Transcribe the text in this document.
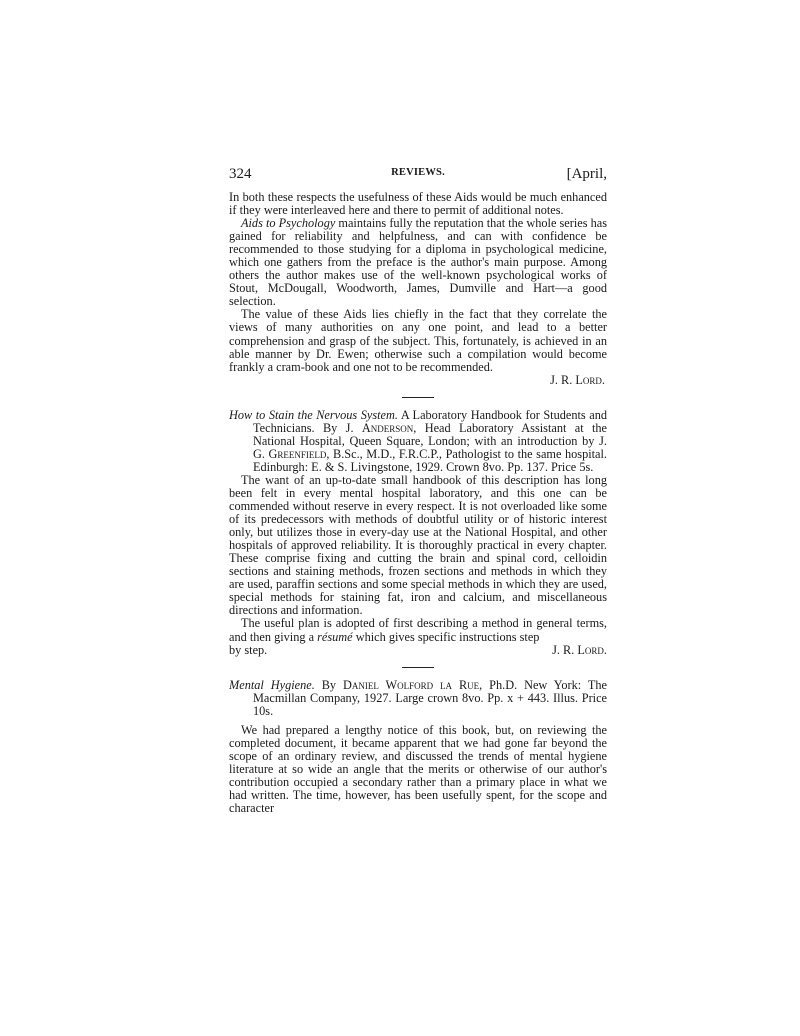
324	REVIEWS.	[April,

In both these respects the usefulness of these Aids would be much enhanced if they were interleaved here and there to permit of additional notes.

Aids to Psychology maintains fully the reputation that the whole series has gained for reliability and helpfulness, and can with confidence be recommended to those studying for a diploma in psychological medicine, which one gathers from the preface is the author's main purpose. Among others the author makes use of the well-known psychological works of Stout, McDougall, Woodworth, James, Dumville and Hart—a good selection.

The value of these Aids lies chiefly in the fact that they correlate the views of many authorities on any one point, and lead to a better comprehension and grasp of the subject. This, fortunately, is achieved in an able manner by Dr. Ewen; otherwise such a compilation would become frankly a cram-book and one not to be recommended.

J. R. Lord.

How to Stain the Nervous System. A Laboratory Handbook for Students and Technicians. By J. Anderson, Head Laboratory Assistant at the National Hospital, Queen Square, London; with an introduction by J. G. Greenfield, B.Sc., M.D., F.R.C.P., Pathologist to the same hospital. Edinburgh: E. & S. Livingstone, 1929. Crown 8vo. Pp. 137. Price 5s.

The want of an up-to-date small handbook of this description has long been felt in every mental hospital laboratory, and this one can be commended without reserve in every respect. It is not overloaded like some of its predecessors with methods of doubtful utility or of historic interest only, but utilizes those in every-day use at the National Hospital, and other hospitals of approved reliability. It is thoroughly practical in every chapter. These comprise fixing and cutting the brain and spinal cord, celloidin sections and staining methods, frozen sections and methods in which they are used, paraffin sections and some special methods in which they are used, special methods for staining fat, iron and calcium, and miscellaneous directions and information.

The useful plan is adopted of first describing a method in general terms, and then giving a résumé which gives specific instructions step

by step.	J. R. Lord.

Mental Hygiene. By Daniel Wolford la Rue, Ph.D. New York: The Macmillan Company, 1927. Large crown 8vo. Pp. x + 443. Illus. Price 10s.

We had prepared a lengthy notice of this book, but, on reviewing the completed document, it became apparent that we had gone far beyond the scope of an ordinary review, and discussed the trends of mental hygiene literature at so wide an angle that the merits or otherwise of our author's contribution occupied a secondary rather than a primary place in what we had written. The time, however, has been usefully spent, for the scope and character
